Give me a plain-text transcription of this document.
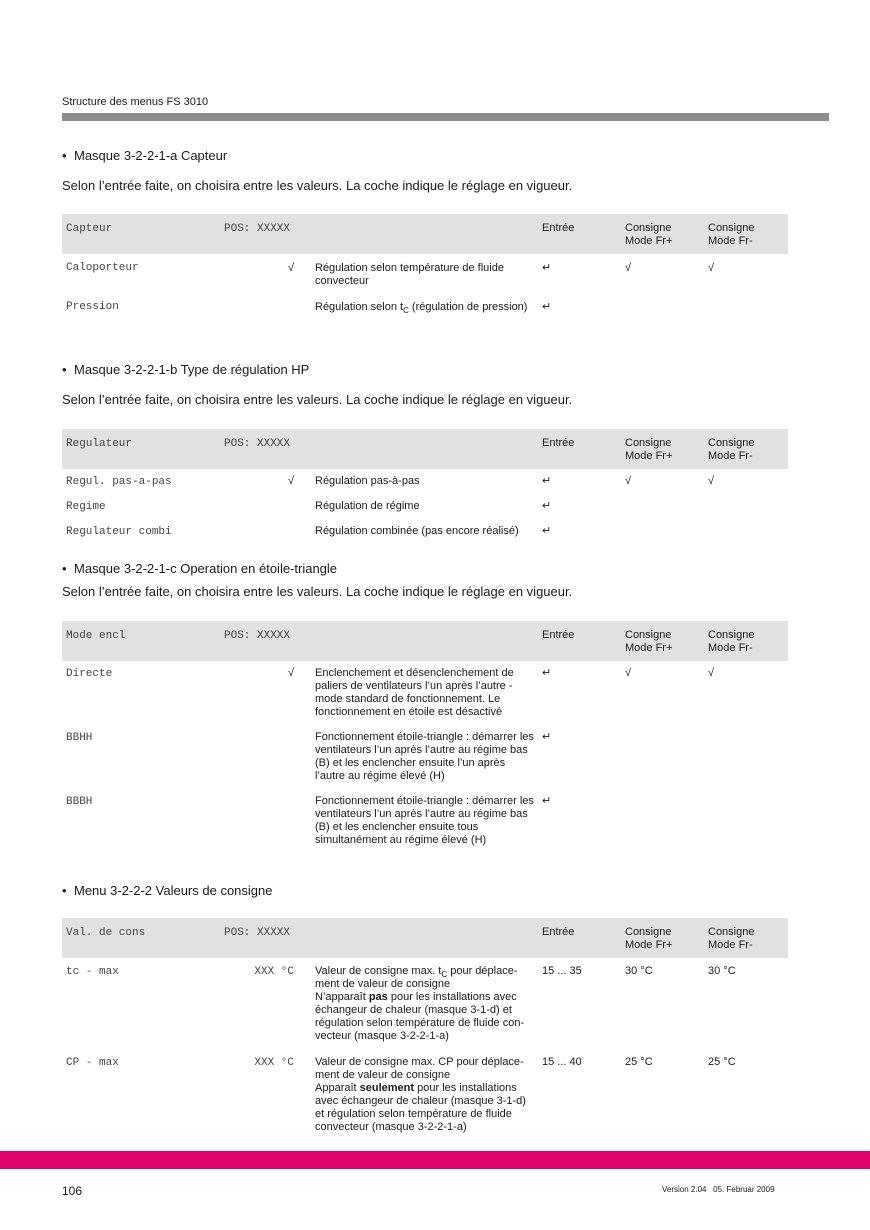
Structure des menus FS 3010
• Masque 3-2-2-1-a Capteur
Selon l’entrée faite, on choisira entre les valeurs. La coche indique le réglage en vigueur.
Capteur	POS: XXXXX	Entrée	Consigne
Mode Fr+
Consigne
Mode Fr-
Caloporteur	√ Régulation selon température de fluide convecteur
↵	√	√
Pression	Régulation selon $t_C$ (régulation de pression)	↵
• Masque 3-2-2-1-b Type de régulation HP
Selon l’entrée faite, on choisira entre les valeurs. La coche indique le réglage en vigueur.
Regulateur	POS: XXXXX	Entrée	Consigne
Mode Fr+
Consigne
Mode Fr-
Regul. pas-a-pas	√ Régulation pas-à-pas	↵	√	√
Regime	Régulation de régime	↵
Regulateur combi	Régulation combinée (pas encore réalisé)	↵
• Masque 3-2-2-1-c Operation en étoile-triangle
Selon l’entrée faite, on choisira entre les valeurs. La coche indique le réglage en vigueur.
Mode encl	POS: XXXXX	Entrée	Consigne
Mode Fr+
Consigne
Mode Fr-
Directe	√ Enclenchement et désenclenchement de paliers de ventilateurs l’un après l’autre - mode standard de fonctionnement. Le fonctionnement en étoile est désactivé
↵	√	√
BBHH	Fonctionnement étoile-triangle : démarrer les ventilateurs l’un après l’autre au régime bas (B) et les enclencher ensuite l’un après l’autre au régime élevé (H)
↵
BBBH	Fonctionnement étoile-triangle : démarrer les ventilateurs l’un après l’autre au régime bas (B) et les enclencher ensuite tous simultanément au régime élevé (H)
↵
• Menu 3-2-2-2 Valeurs de consigne
Val. de cons	POS: XXXXX	Entrée	Consigne
Mode Fr+
Consigne
Mode Fr-
tc - max	XXX °C Valeur de consigne max. $t_C$ pour déplacement de valeur de consigne
N’apparaît pas pour les installations avec échangeur de chaleur (masque 3-1-d) et régulation selon température de fluide convecteur (masque 3-2-2-1-a)
15 ... 35	30 °C	30 °C
CP - max	XXX °C Valeur de consigne max. CP pour déplacement de valeur de consigne
Apparaît seulement pour les installations avec échangeur de chaleur (masque 3-1-d) et régulation selon température de fluide convecteur (masque 3-2-2-1-a)
15 ... 40	25 °C	25 °C
106	Version 2.04   05. Februar 2009
